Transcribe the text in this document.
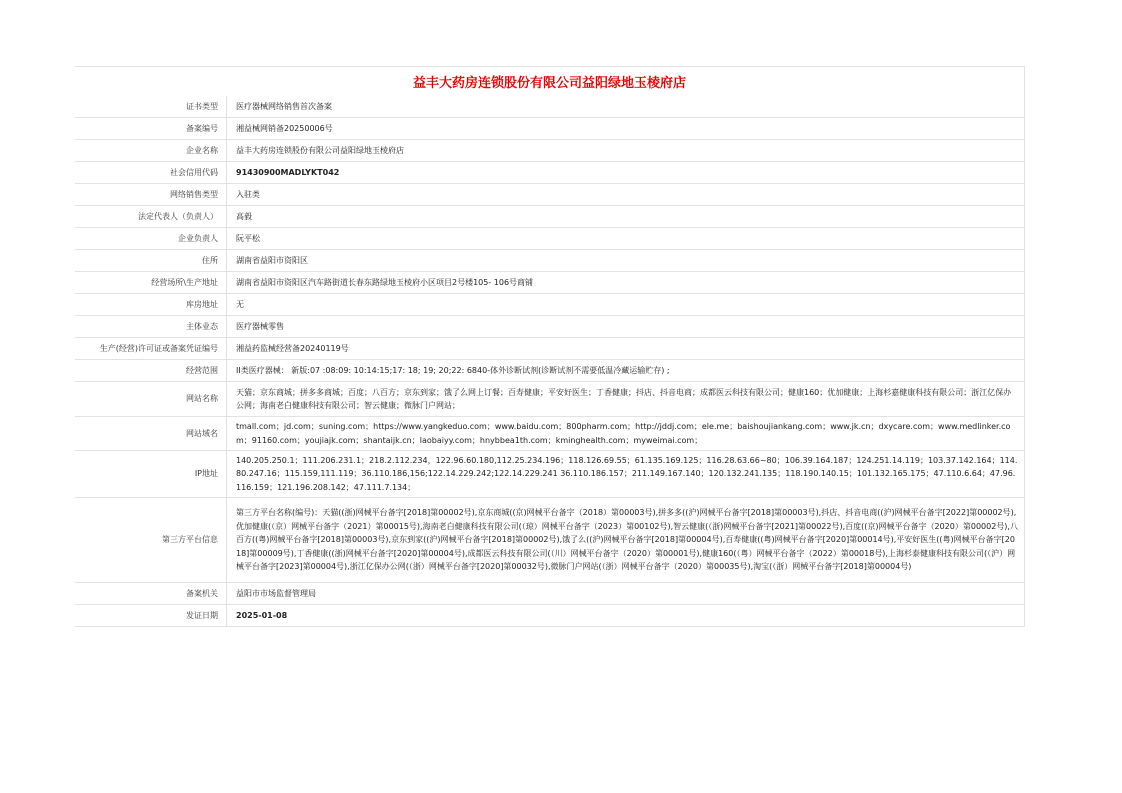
益丰大药房连锁股份有限公司益阳绿地玉棱府店
证书类型	医疗器械网络销售首次备案
备案编号	湘益械网销备20250006号
企业名称	益丰大药房连锁股份有限公司益阳绿地玉棱府店
社会信用代码	91430900MADLYKT042
网络销售类型	入驻类
法定代表人（负责人）	高毅
企业负责人	阮平松
住所	湖南省益阳市资阳区
经营场所\生产地址	湖南省益阳市资阳区汽车路街道长春东路绿地玉棱府小区项目2号楼105- 106号商铺
库房地址	无
主体业态	医疗器械零售
生产(经营)许可证或备案凭证编号	湘益药监械经营备20240119号
经营范围	II类医疗器械： 新版:07 :08:09: 10:14:15;17: 18; 19; 20;22: 6840-体外诊断试剂(诊断试剂不需要低温冷藏运输贮存) ;
网站名称	天猫；京东商城；拼多多商城；百度；八百方；京东到家；饿了么网上订餐；百寿健康；平安好医生；丁香健康；抖店、抖音电商；成都医云科技有限公司；健康160；优加健康；上海杉嘉健康科技有限公司；浙江亿保办公网；海南老白健康科技有限公司；智云健康；微脉门户网站；
网站域名	tmall.com；jd.com；suning.com；https://www.yangkeduo.com；www.baidu.com；800pharm.com；http://jddj.com；ele.me；baishoujiankang.com；www.jk.cn；dxycare.com；www.medlinker.com；91160.com；youjiajk.com；shantaijk.cn；laobaiyy.com；hnybbea1th.com；kminghealth.com；myweimai.com；
IP地址	140.205.250.1；111.206.231.1；218.2.112.234，122.96.60.180,112.25.234.196；118.126.69.55；61.135.169.125；116.28.63.66~80；106.39.164.187；124.251.14.119；103.37.142.164；114.80.247.16；115.159,111.119；36.110.186,156;122.14.229.242;122.14.229.241 36.110.186.157；211.149.167.140；120.132.241.135；118.190.140.15；101.132.165.175；47.110.6.64；47.96.116.159；121.196.208.142；47.111.7.134；
第三方平台信息	第三方平台名称(编号)：天猫((浙)网械平台备字[2018]第00002号),京东商城((京)网械平台备字（2018）第00003号),拼多多((沪)网械平台备字[2018]第00003号),抖店、抖音电商((沪)网械平台备字[2022]第00002号),优加健康(（京）网械平台备字（2021）第00015号),海南老白健康科技有限公司(（琼）网械平台备字（2023）第00102号),智云健康(（浙)网械平台备字[2021]第00022号),百度((京)网械平台备字（2020）第00002号),八百方((粤)网械平台备字[2018]第00003号),京东到家((沪)网械平台备字[2018]第00002号),饿了么((沪)网械平台备字[2018]第00004号),百寿健康((粤)网械平台备字[2020]第00014号),平安好医生((粤)网械平台备字[2018]第00009号),丁香健康((浙)网械平台备字[2020]第00004号),成都医云科技有限公司(（川）网械平台备字（2020）第00001号),健康160(（粤）网械平台备字（2022）第00018号),上海杉泰健康科技有限公司(（沪）网械平台备字[2023]第00004号),浙江亿保办公网(（浙）网械平台备字[2020]第00032号),微脉门户网站(（浙）网械平台备字（2020）第00035号),淘宝(（浙）网械平台备字[2018]第00004号)
备案机关	益阳市市场监督管理局
发证日期	2025-01-08
